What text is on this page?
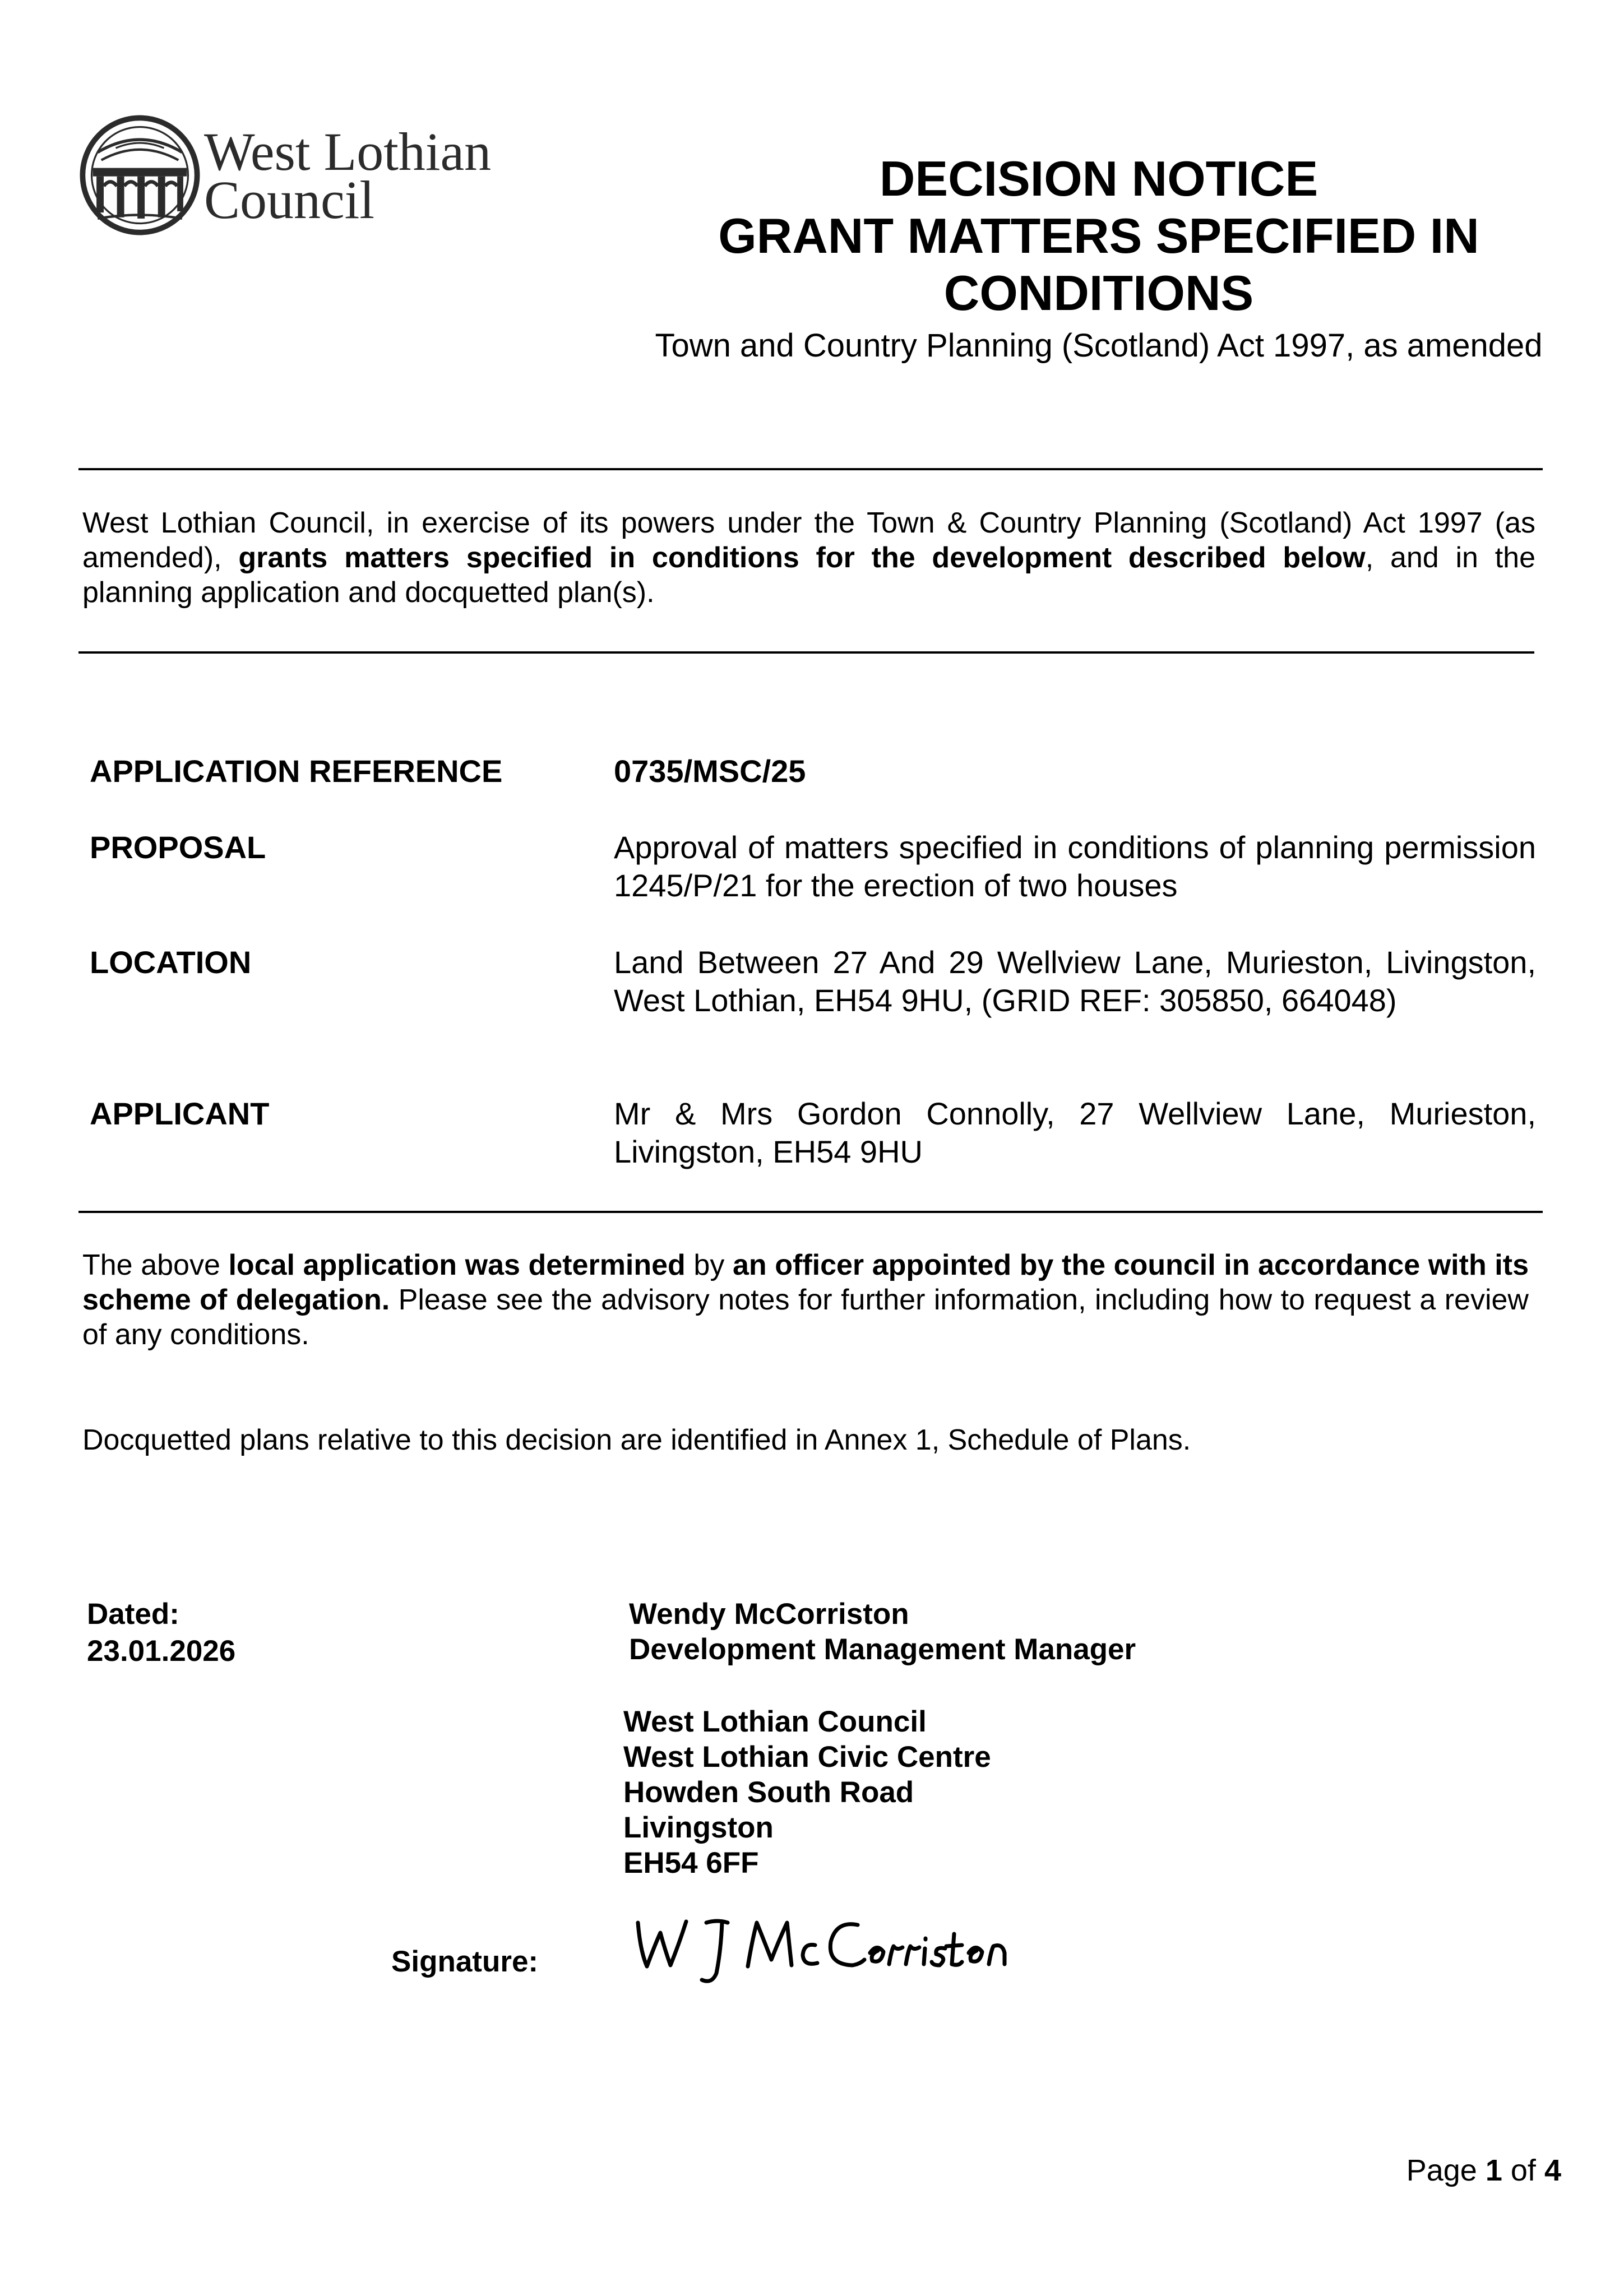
West Lothian
Council	DECISION NOTICE
GRANT MATTERS SPECIFIED IN
CONDITIONS
Town and Country Planning (Scotland) Act 1997, as amended
West Lothian Council, in exercise of its powers under the Town & Country Planning (Scotland) Act 1997 (as amended), grants matters specified in conditions for the development described below, and in the planning application and docquetted plan(s).
APPLICATION REFERENCE	0735/MSC/25
PROPOSAL	Approval of matters specified in conditions of planning permission 1245/P/21 for the erection of two houses
LOCATION	Land Between 27 And 29 Wellview Lane, Murieston, Livingston, West Lothian, EH54 9HU, (GRID REF: 305850, 664048)
APPLICANT	Mr & Mrs Gordon Connolly, 27 Wellview Lane, Murieston, Livingston, EH54 9HU
The above local application was determined by an officer appointed by the council in accordance with its scheme of delegation. Please see the advisory notes for further information, including how to request a review of any conditions.
Docquetted plans relative to this decision are identified in Annex 1, Schedule of Plans.
Dated:
23.01.2026
Wendy McCorriston
Development Management Manager
West Lothian Council
West Lothian Civic Centre
Howden South Road
Livingston
EH54 6FF
Signature:
Page 1 of 4
